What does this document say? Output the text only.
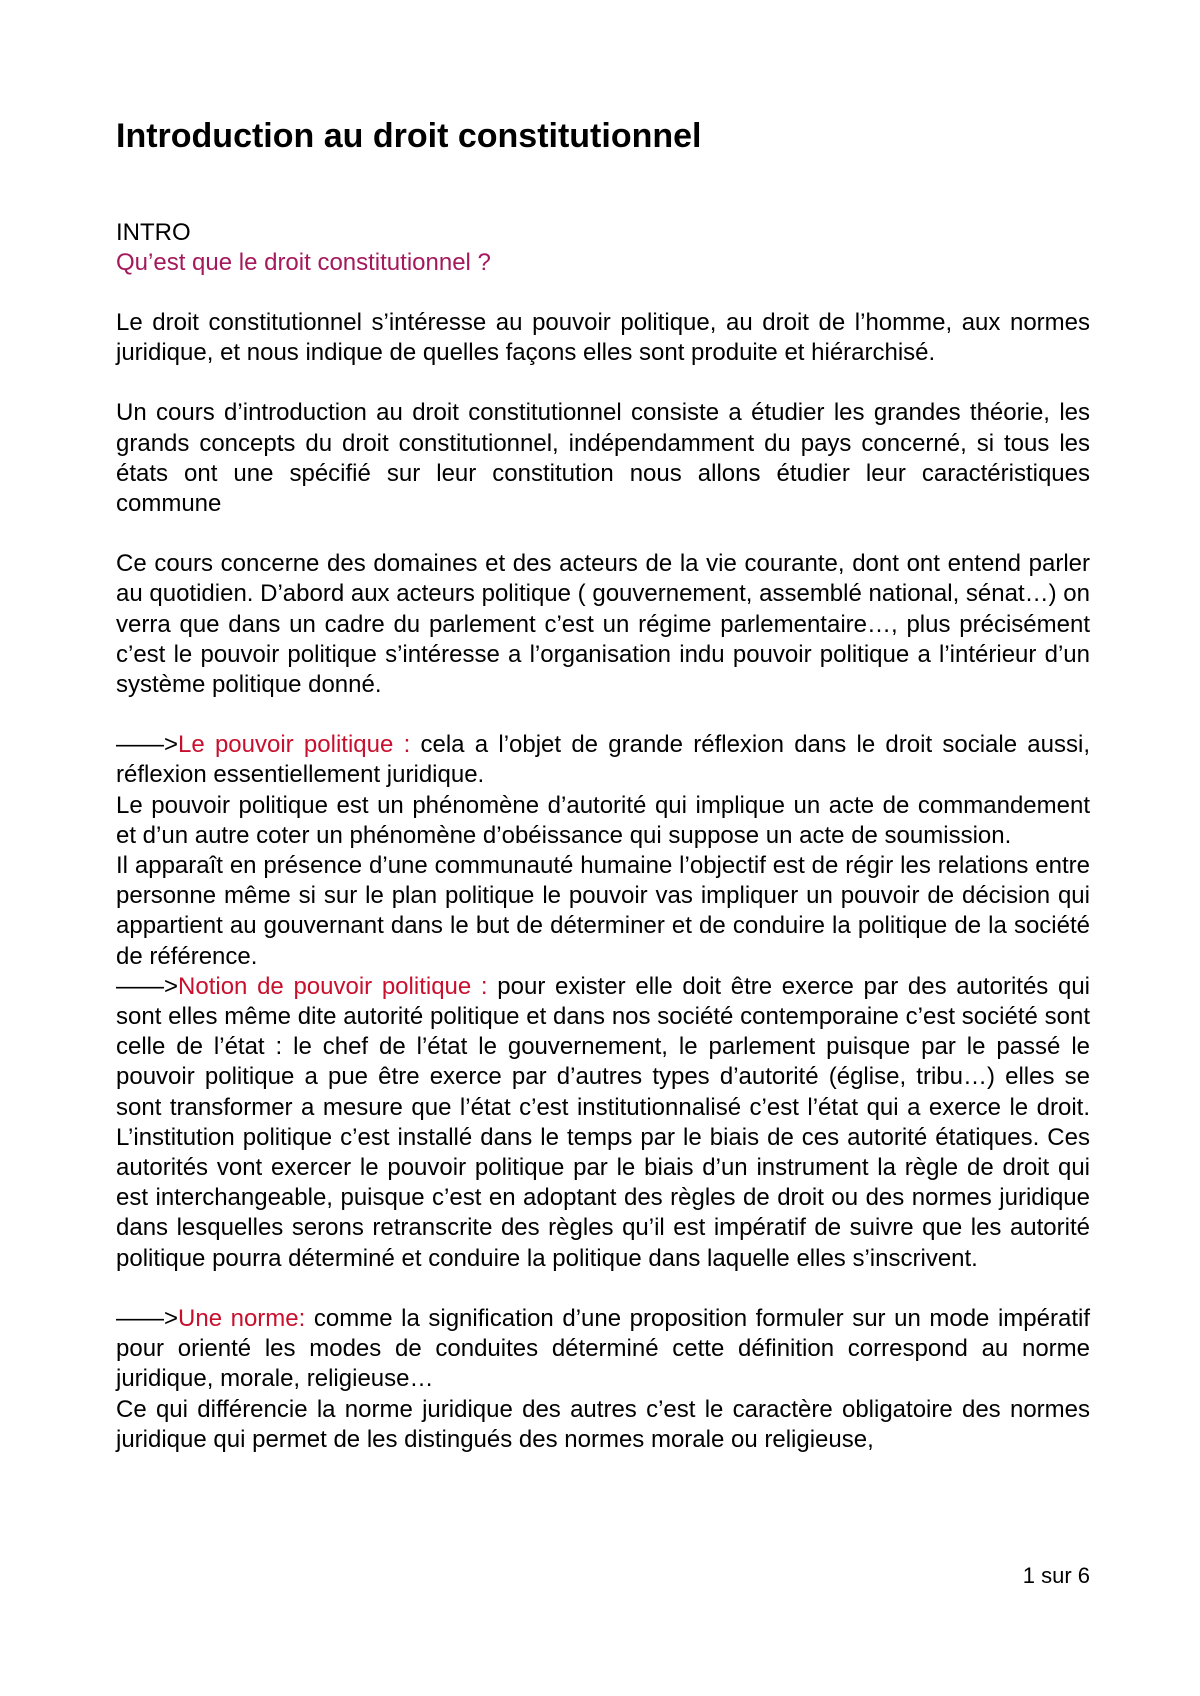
Introduction au droit constitutionnel
INTRO
Qu’est que le droit constitutionnel ?

Le droit constitutionnel s’intéresse au pouvoir politique, au droit de l’homme, aux normes juridique, et nous indique de quelles façons elles sont produite et hiérarchisé.

Un cours d’introduction au droit constitutionnel consiste a étudier les grandes théorie, les grands concepts du droit constitutionnel, indépendamment du pays concerné, si tous les états ont une spécifié sur leur constitution nous allons étudier leur caractéristiques commune

Ce cours concerne des domaines et des acteurs de la vie courante, dont ont entend parler au quotidien. D’abord aux acteurs politique ( gouvernement, assemblé national, sénat…) on verra que dans un cadre du parlement c’est un régime parlementaire…, plus précisément c’est le pouvoir politique s’intéresse a l’organisation indu pouvoir politique a l’intérieur d’un système politique donné.

——>Le pouvoir politique : cela a l’objet de grande réflexion dans le droit sociale aussi, réflexion essentiellement juridique.

Le pouvoir politique est un phénomène d’autorité qui implique un acte de commandement et d’un autre coter un phénomène d’obéissance qui suppose un acte de soumission.

Il apparaît en présence d’une communauté humaine l’objectif est de régir les relations entre personne même si sur le plan politique le pouvoir vas impliquer un pouvoir de décision qui appartient au gouvernant dans le but de déterminer et de conduire la politique de la société de référence.

——>Notion de pouvoir politique : pour exister elle doit être exerce par des autorités qui sont elles même dite autorité politique et dans nos société contemporaine c’est société sont celle de l’état : le chef de l’état le gouvernement, le parlement puisque par le passé le pouvoir politique a pue être exerce par d’autres types d’autorité (église, tribu…) elles se sont transformer a mesure que l’état c’est institutionnalisé c’est l’état qui a exerce le droit. L’institution politique c’est installé dans le temps par le biais de ces autorité étatiques. Ces autorités vont exercer le pouvoir politique par le biais d’un instrument la règle de droit qui est interchangeable, puisque c’est en adoptant des règles de droit ou des normes juridique dans lesquelles serons retranscrite des règles qu’il est impératif de suivre que les autorité politique pourra déterminé et conduire la politique dans laquelle elles s’inscrivent.

——>Une norme: comme la signification d’une proposition formuler sur un mode impératif pour orienté les modes de conduites déterminé cette définition correspond au norme juridique, morale, religieuse…

Ce qui différencie la norme juridique des autres c’est le caractère obligatoire des normes juridique qui permet de les distingués des normes morale ou religieuse,

1 sur 6
